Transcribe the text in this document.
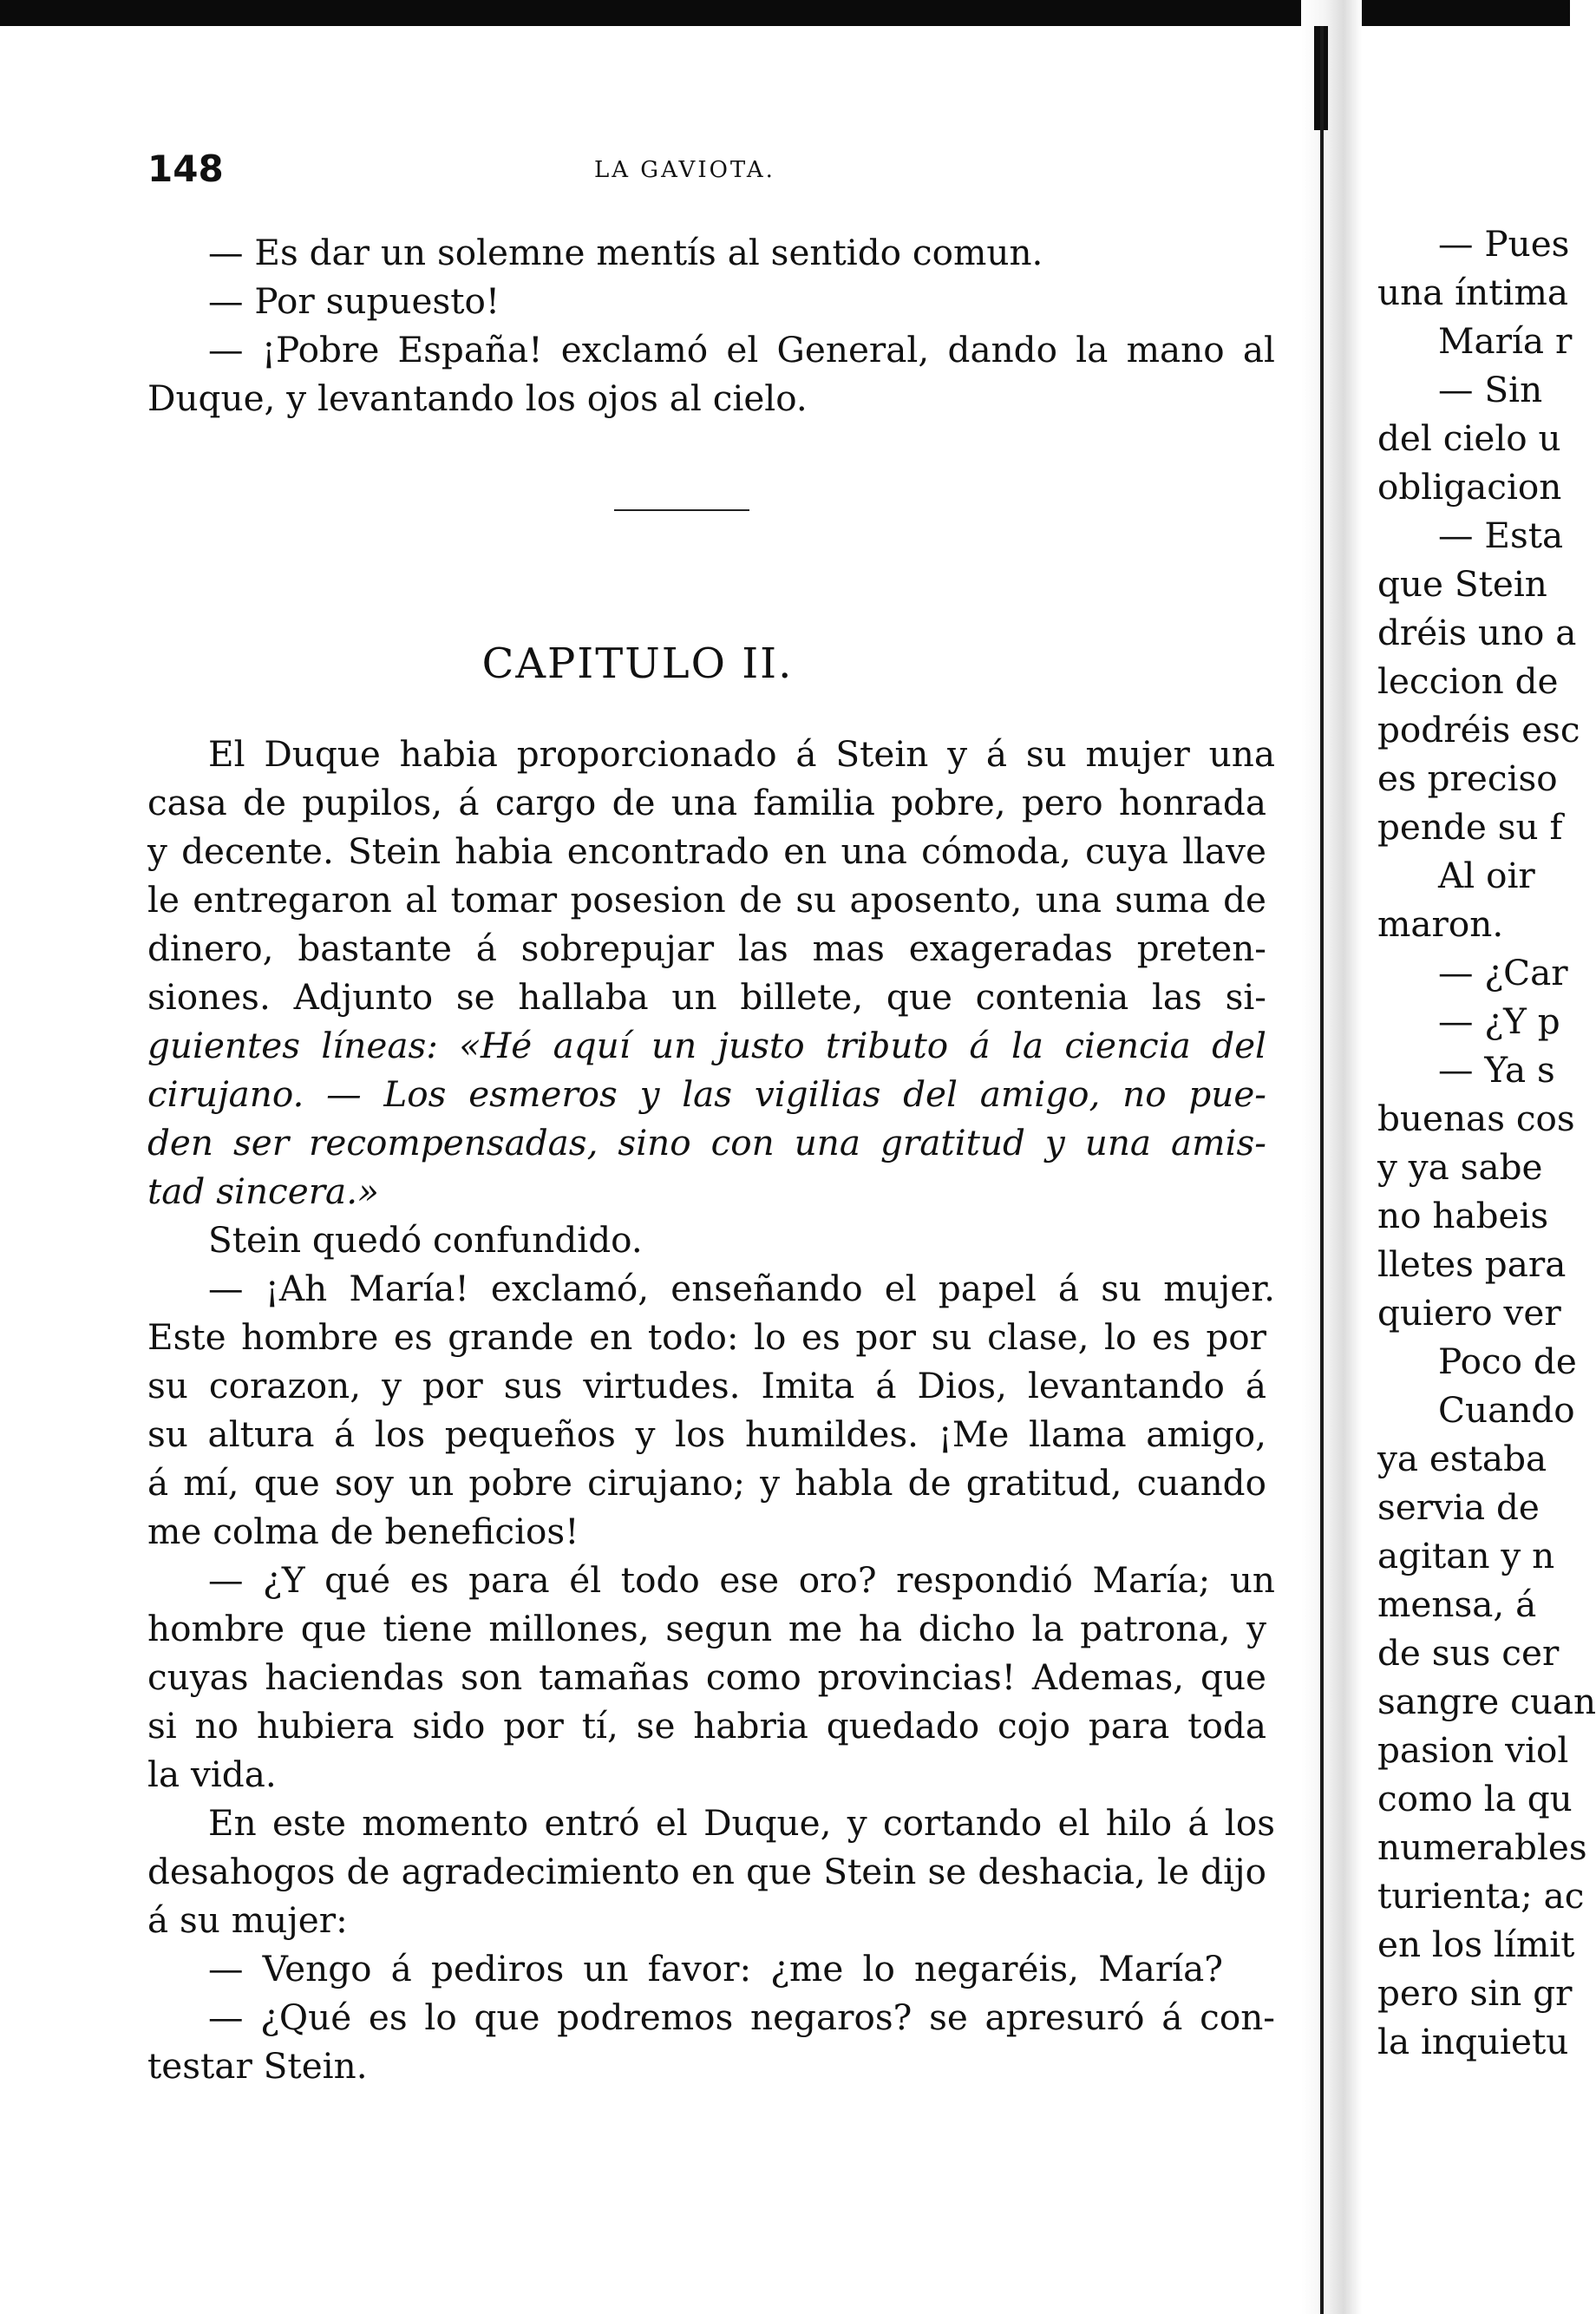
148	LA GAVIOTA.
— Es dar un solemne mentís al sentido comun.
— Por supuesto!
— ¡Pobre España! exclamó el General, dando la mano al
Duque, y levantando los ojos al cielo.
CAPITULO II.
El Duque habia proporcionado á Stein y á su mujer una
casa de pupilos, á cargo de una familia pobre, pero honrada
y decente. Stein habia encontrado en una cómoda, cuya llave
le entregaron al tomar posesion de su aposento, una suma de
dinero, bastante á sobrepujar las mas exageradas preten-
siones. Adjunto se hallaba un billete, que contenia las si-
guientes líneas: «Hé aquí un justo tributo á la ciencia del
cirujano. — Los esmeros y las vigilias del amigo, no pue-
den ser recompensadas, sino con una gratitud y una amis-
tad sincera.»
Stein quedó confundido.
— ¡Ah María! exclamó, enseñando el papel á su mujer.
Este hombre es grande en todo: lo es por su clase, lo es por
su corazon, y por sus virtudes. Imita á Dios, levantando á
su altura á los pequeños y los humildes. ¡Me llama amigo,
á mí, que soy un pobre cirujano; y habla de gratitud, cuando
me colma de beneficios!
— ¿Y qué es para él todo ese oro? respondió María; un
hombre que tiene millones, segun me ha dicho la patrona, y
cuyas haciendas son tamañas como provincias! Ademas, que
si no hubiera sido por tí, se habria quedado cojo para toda
la vida.
En este momento entró el Duque, y cortando el hilo á los
desahogos de agradecimiento en que Stein se deshacia, le dijo
á su mujer:
— Vengo á pediros un favor: ¿me lo negaréis, María?
— ¿Qué es lo que podremos negaros? se apresuró á con-
testar Stein.
— Pues
una íntima
María r
— Sin
del cielo u
obligacion
— Esta
que Stein
dréis uno a
leccion de
podréis esc
es preciso
pende su f
Al oir
maron.
— ¿Car
— ¿Y p
— Ya s
buenas cos
y ya sabe
no habeis
lletes para
quiero ver
Poco de
Cuando
ya estaba
servia de
agitan y n
mensa, á
de sus cer
sangre cuan
pasion viol
como la qu
numerables
turienta; ac
en los límit
pero sin gr
la inquietu
